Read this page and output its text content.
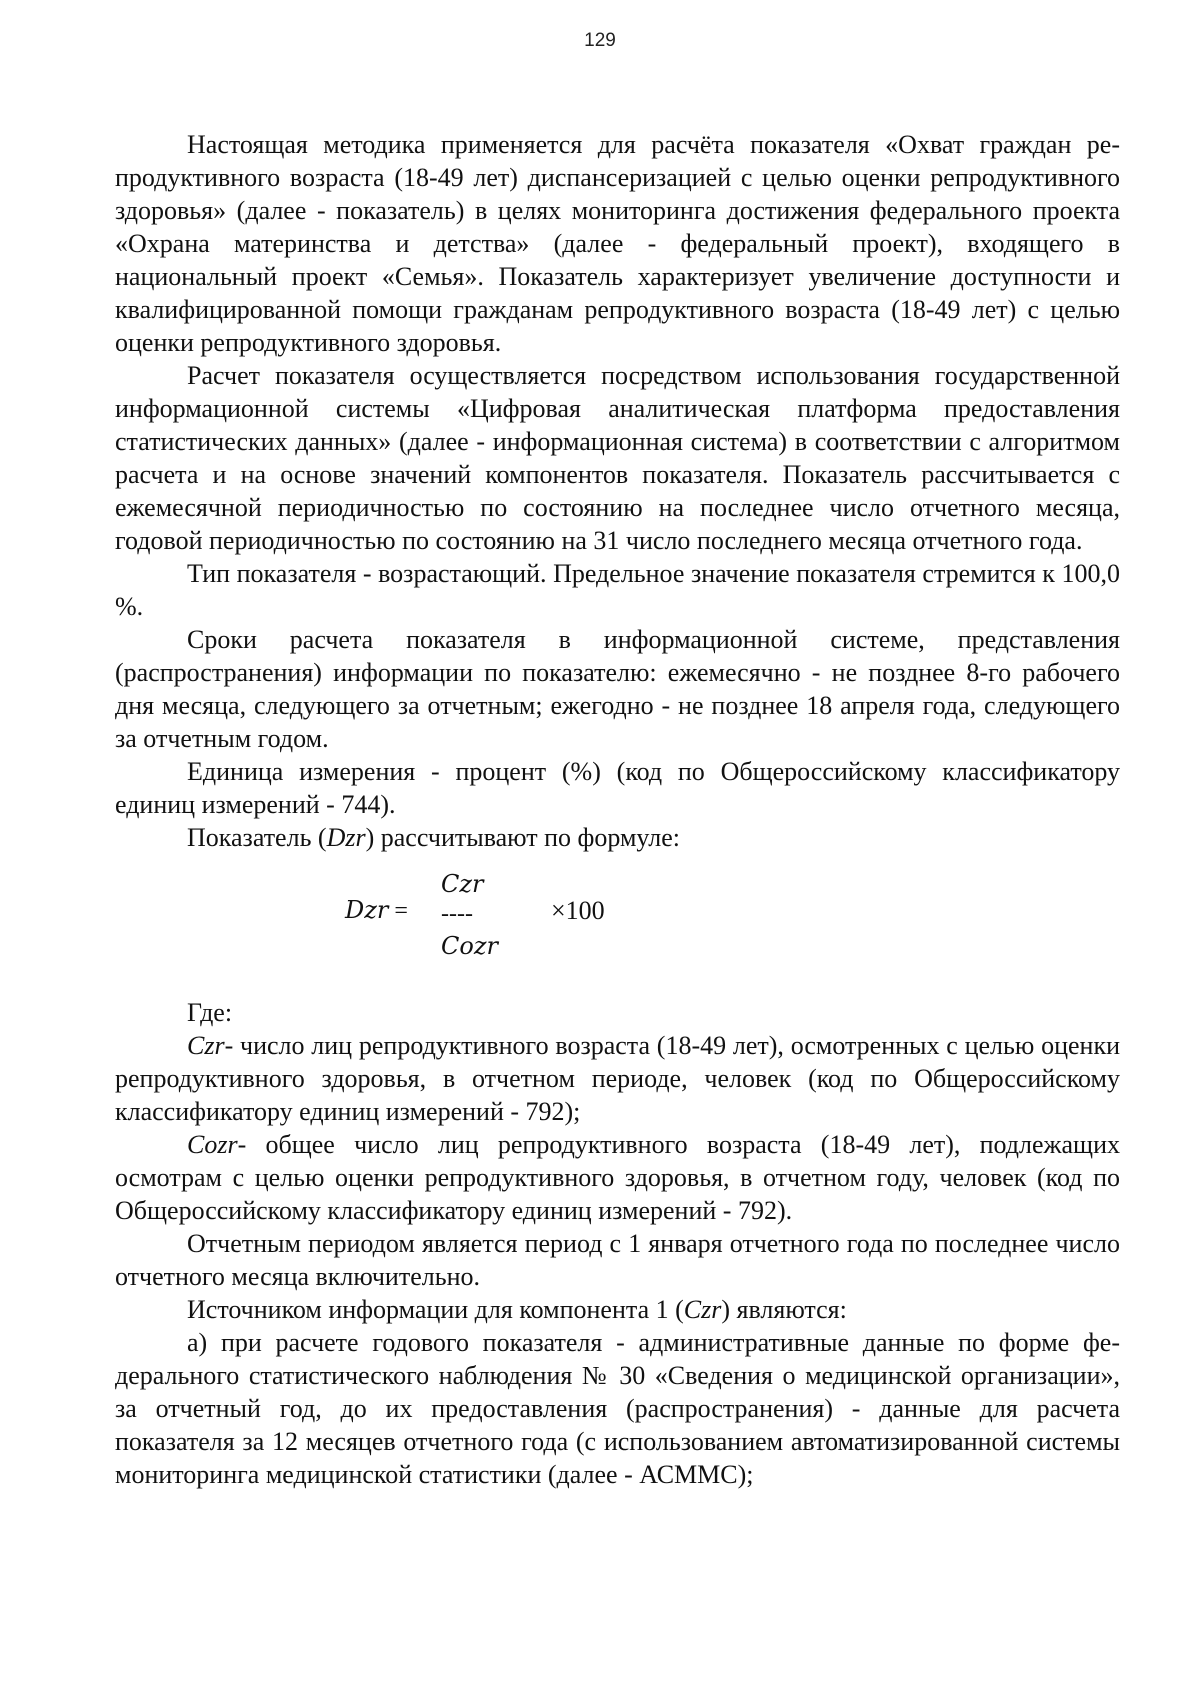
129

Настоящая методика применяется для расчёта показателя «Охват граждан репродуктивного возраста (18-49 лет) диспансеризацией с целью оценки репродуктивного здоровья» (далее - показатель) в целях мониторинга достижения федерального проекта «Охрана материнства и детства» (далее - федеральный проект), входящего в национальный проект «Семья». Показатель характеризует увеличение доступности и квалифицированной помощи гражданам репродуктивного возраста (18-49 лет) с целью оценки репродуктивного здоровья.

Расчет показателя осуществляется посредством использования государственной информационной системы «Цифровая аналитическая платформа предоставления статистических данных» (далее - информационная система) в соответствии с алгоритмом расчета и на основе значений компонентов показателя. Показатель рассчитывается с ежемесячной периодичностью по состоянию на последнее число отчетного месяца, годовой периодичностью по состоянию на 31 число последнего месяца отчетного года.

Тип показателя - возрастающий. Предельное значение показателя стремится к 100,0 %.

Сроки расчета показателя в информационной системе, представления (распространения) информации по показателю: ежемесячно - не позднее 8-го рабочего дня месяца, следующего за отчетным; ежегодно - не позднее 18 апреля года, следующего за отчетным годом.

Единица измерения - процент (%) (код по Общероссийскому классификатору единиц измерений - 744).

Показатель (Dzr) рассчитывают по формуле:

Dzr =
Czr
----
Cozr
×100

Где:

Czr- число лиц репродуктивного возраста (18-49 лет), осмотренных с целью оценки репродуктивного здоровья, в отчетном периоде, человек (код по Общероссийскому классификатору единиц измерений - 792);

Cozr- общее число лиц репродуктивного возраста (18-49 лет), подлежащих осмотрам с целью оценки репродуктивного здоровья, в отчетном году, человек (код по Общероссийскому классификатору единиц измерений - 792).

Отчетным периодом является период с 1 января отчетного года по последнее число отчетного месяца включительно.

Источником информации для компонента 1 (Czr) являются:

а) при расчете годового показателя - административные данные по форме федерального статистического наблюдения № 30 «Сведения о медицинской организации», за отчетный год, до их предоставления (распространения) - данные для расчета показателя за 12 месяцев отчетного года (с использованием автоматизированной системы мониторинга медицинской статистики (далее - АСММС);
